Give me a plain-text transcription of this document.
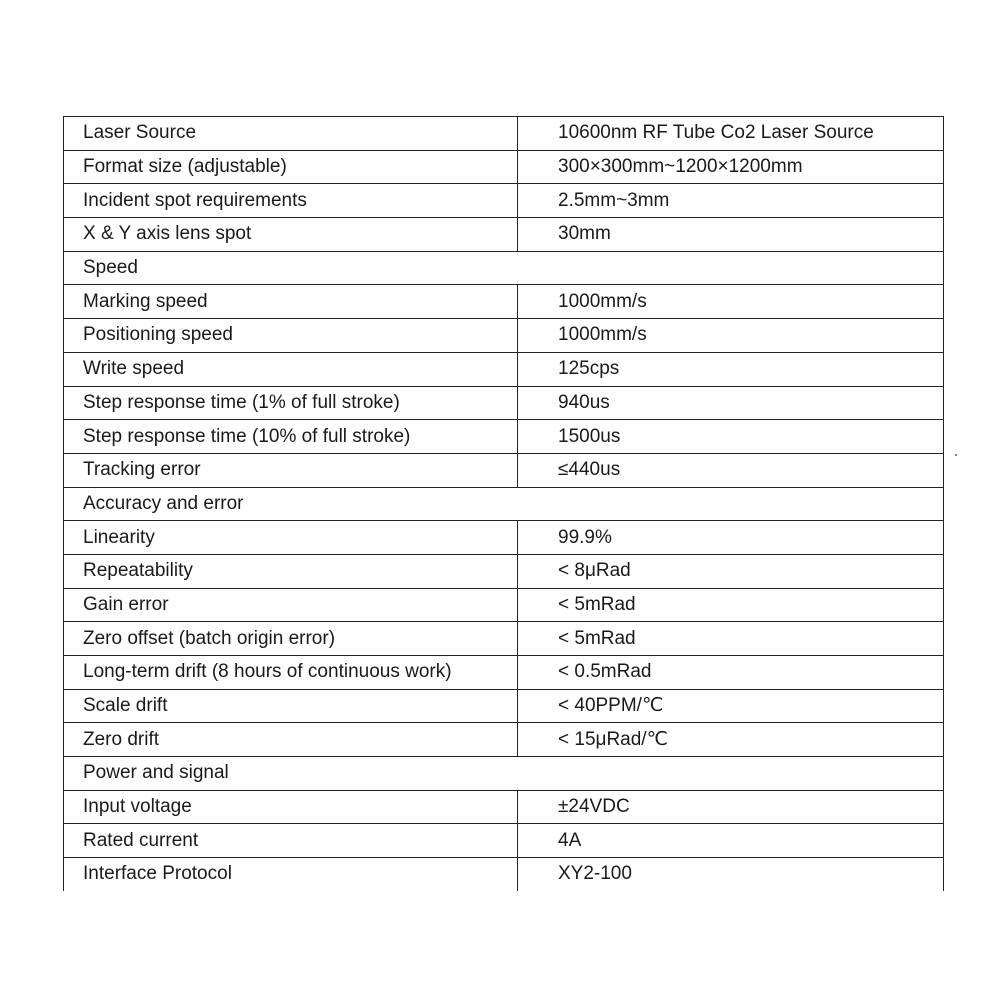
Laser Source	10600nm RF Tube Co2 Laser Source
Format size (adjustable)	300×300mm~1200×1200mm
Incident spot requirements	2.5mm~3mm
X & Y axis lens spot	30mm
Speed	
Marking speed	1000mm/s
Positioning speed	1000mm/s
Write speed	125cps
Step response time (1% of full stroke)	940us
Step response time (10% of full stroke)	1500us
Tracking error	≤440us
Accuracy and error	
Linearity	99.9%
Repeatability	< 8μRad
Gain error	< 5mRad
Zero offset (batch origin error)	< 5mRad
Long-term drift (8 hours of continuous work)	< 0.5mRad
Scale drift	< 40PPM/℃
Zero drift	< 15μRad/℃
Power and signal	
Input voltage	±24VDC
Rated current	4A
Interface Protocol	XY2-100
